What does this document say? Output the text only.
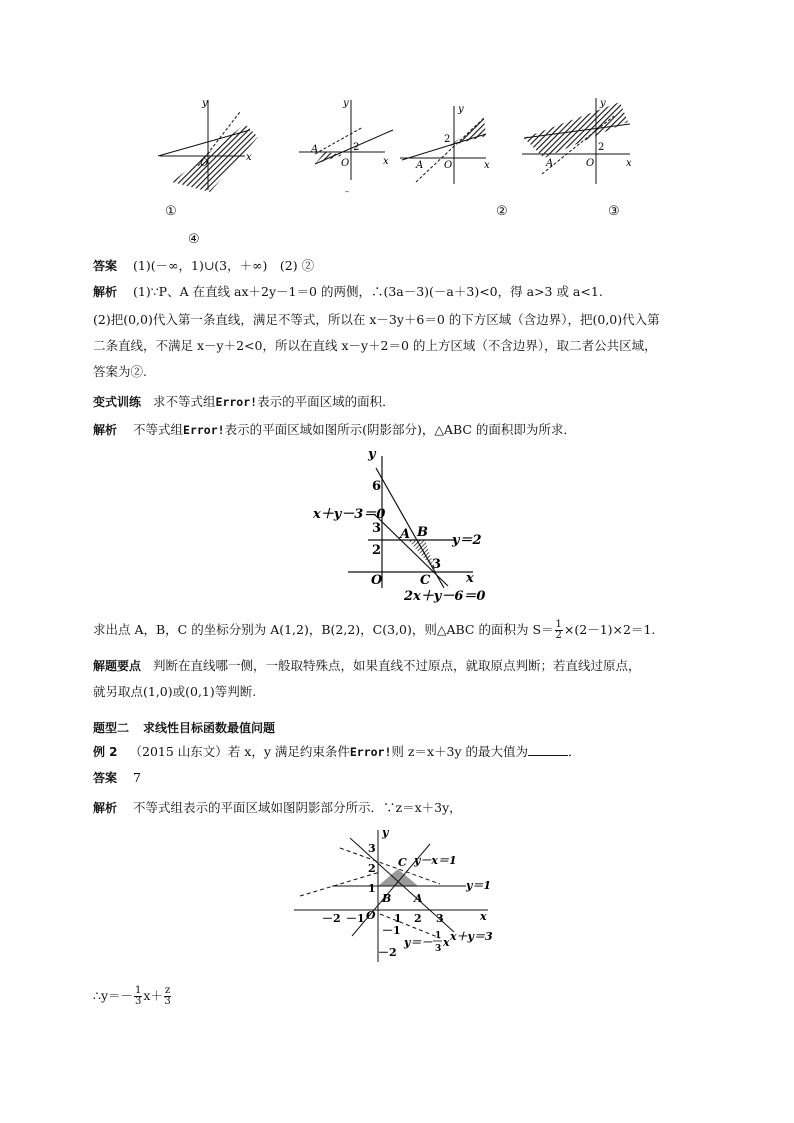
y
x
O
y
x
O
A	2
–
y
x
O
A
2
y
x
O
A
2
①	②	③
④
答案 (1)(－∞，1)∪(3，＋∞)　(2) ②
解析 (1)∵P、A 在直线 ax＋2y－1＝0 的两侧，∴(3a－3)(－a＋3)<0，得 a>3 或 a<1.
(2)把(0,0)代入第一条直线，满足不等式，所以在 x－3y＋6＝0 的下方区域（含边界），把(0,0)代入第
二条直线，不满足 x－y＋2<0，所以在直线 x－y＋2＝0 的上方区域（不含边界），取二者公共区域，
答案为②.
变式训练 求不等式组Error!表示的平面区域的面积．
解析 不等式组Error!表示的平面区域如图所示(阴影部分)，△ABC 的面积即为所求．
y
x
O
6
3
2
3
A B
C
x＋y－3＝0
y＝2
2x＋y－6＝0
求出点 A，B，C 的坐标分别为 A(1,2)，B(2,2)，C(3,0)，则△ABC 的面积为 $S= \frac{1}{2} \times(2-1)\times 2=1$.
解题要点 判断在直线哪一侧，一般取特殊点，如果直线不过原点，就取原点判断；若直线过原点，
就另取点(1,0)或(0,1)等判断.
题型二 求线性目标函数最值问题
例 2 （2015 山东文）若 x，y 满足约束条件Error!则 z＝x＋3y 的最大值为	．
答案 7
解析 不等式组表示的平面区域如图阴影部分所示．∵z＝x＋3y，
y
x
O
3
2
1
－1
－2
－2 －1	1 2 3
B A
C y－x＝1
y＝1
x＋y＝3
y＝－ 1
3 x
∴y＝－ $\frac{1}{3} x+ \frac{z}{3}$
